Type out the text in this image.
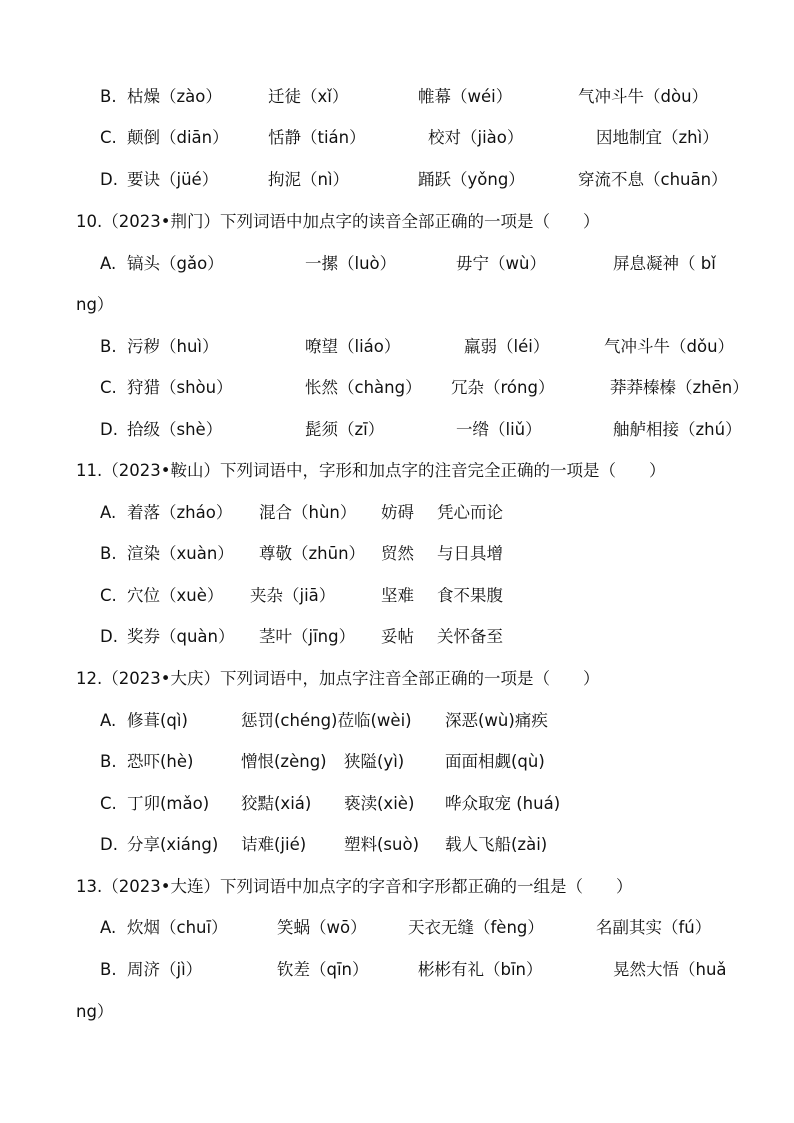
B. 枯燥（zào）	迁徒（xǐ）	帷幕（wéi）	气冲斗牛（dòu）
C. 颠倒（diān） 恬静（tián）	校对（jiào）	因地制宜（zhì）
D. 要诀（jüé）	拘泥（nì）	踊跃（yǒng）	穿流不息（chuān）
10.（2023•荆门）下列词语中加点字的读音全部正确的一项是（　　）
A. 镐头（gǎo）	一摞（luò）	毋宁（wù）	屏息凝神（ bǐ
ng）
B. 污秽（huì）	嘹望（liáo）	羸弱（léi）	气冲斗牛（dǒu）
C. 狩猎（shòu）	怅然（chàng） 冗杂（róng）	莽莽榛榛（zhēn）
D. 拾级（shè）	髭须（zī）	一绺（liǔ）	舳舻相接（zhú）
11.（2023•鞍山）下列词语中，字形和加点字的注音完全正确的一项是（　　）
A. 着落（zháo） 混合（hùn） 妨碍 凭心而论
B. 渲染（xuàn） 尊敬（zhūn） 贸然 与日具增
C. 穴位（xuè） 夹杂（jiā）	坚难 食不果腹
D. 奖券（quàn） 茎叶（jīng） 妥帖 关怀备至
12.（2023•大庆）下列词语中，加点字注音全部正确的一项是（　　）
A. 修葺(qì)	惩罚(chéng)莅临(wèi) 深恶(wù)痛疾
B. 恐吓(hè)	憎恨(zèng) 狭隘(yì) 面面相觑(qù)
C. 丁卯(mǎo) 狡黠(xiá) 亵渎(xiè) 哗众取宠 (huá)
D. 分享(xiáng) 诘难(jié) 塑料(suò) 载人飞船(zài)
13.（2023•大连）下列词语中加点字的字音和字形都正确的一组是（　　）
A. 炊烟（chuī）	笑蜗（wō）	天衣无缝（fèng）	名副其实（fú）
B. 周济（jì）	钦差（qīn）	彬彬有礼（bīn）	晃然大悟（huǎ
ng）
